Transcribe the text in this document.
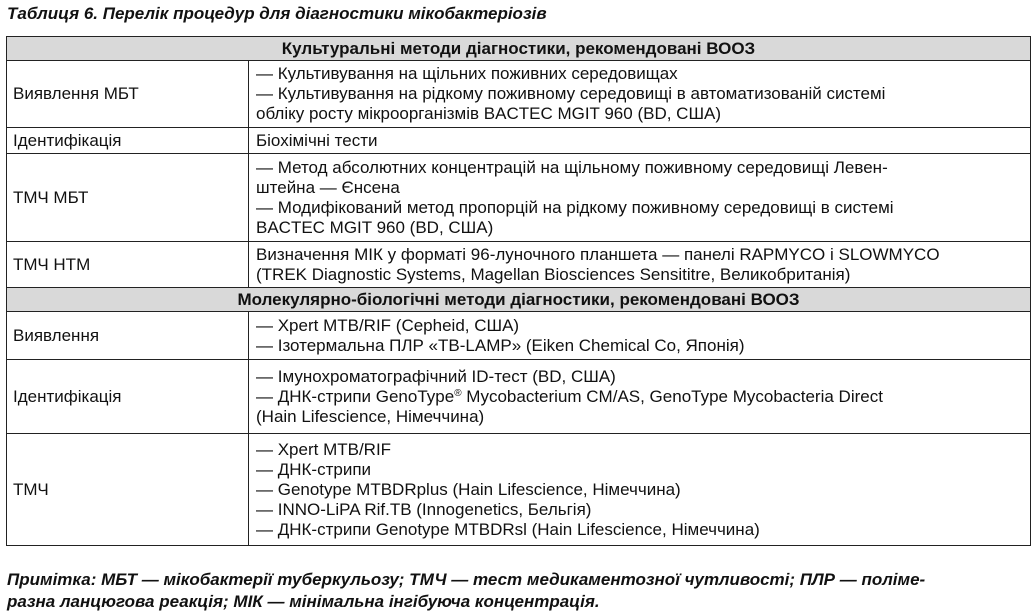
Таблиця 6. Перелік процедур для діагностики мікобактеріозів
Культуральні методи діагностики, рекомендовані ВООЗ	
Виявлення МБТ	— Культивування на щільних поживних середовищах
— Культивування на рідкому поживному середовищі в автоматизованій системі
обліку росту мікроорганізмів BACTEC MGIT 960 (BD, США)

Ідентифікація	Біохімічні тести

ТМЧ МБТ	— Метод абсолютних концентрацій на щільному поживному середовищі Левен-
штейна — Єнсена
— Модифікований метод пропорцій на рідкому поживному середовищі в системі
BACTEC MGIT 960 (BD, США)

ТМЧ НТМ	Визначення МІК у форматі 96-луночного планшета — панелі RAPMYCO і SLOWMYCO
(TREK Diagnostic Systems, Magellan Biosciences Sensititre, Великобританія)

Молекулярно-біологічні методи діагностики, рекомендовані ВООЗ	
Виявлення	— Xpert MTB/RIF (Cepheid, США)
— Ізотермальна ПЛР «TB-LAMP» (Eiken Chemical Co, Японія)

Ідентифікація	— Імунохроматографічний ID-тест (BD, США)
— ДНК-стрипи GenoType® Mycobacterium CM/AS, GenoType Mycobacteria Direct
(Hain Lifescience, Німеччина)

ТМЧ	— Xpert MTB/RIF
— ДНК-стрипи
— Genotype MTBDRplus (Hain Lifescience, Німеччина)
— INNO-LiPA Rif.TB (Innogenetics, Бельгія)
— ДНК-стрипи Genotype MTBDRsl (Hain Lifescience, Німеччина)
Примітка: МБТ — мікобактерії туберкульозу; ТМЧ — тест медикаментозної чутливості; ПЛР — полімe-
разна ланцюгова реакція; МІК — мінімальна інгібуюча концентрація.
